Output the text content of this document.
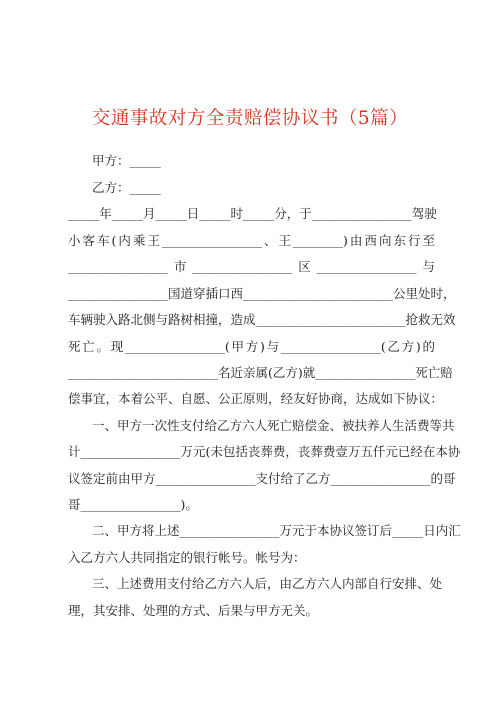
交通事故对方全责赔偿协议书（5篇）
甲方：_____
乙方：_____
_____年_____月_____日_____时_____分，于________________驾驶
小客车(内乘王________________、王________)由西向东行至
________________市________________区________________与
________________国道穿插口西________________________公里处时，
车辆驶入路北侧与路树相撞，造成________________________抢救无效
死亡。现________________(甲方)与________________(乙方)的
________________________名近亲属(乙方)就________________死亡赔
偿事宜，本着公平、自愿、公正原则，经友好协商，达成如下协议：
一、甲方一次性支付给乙方六人死亡赔偿金、被扶养人生活费等共
计________________万元(未包括丧葬费，丧葬费壹万五仟元已经在本协
议签定前由甲方________________支付给了乙方________________的哥
哥________________)。
二、甲方将上述________________万元于本协议签订后_____日内汇
入乙方六人共同指定的银行帐号。帐号为：
三、上述费用支付给乙方六人后，由乙方六人内部自行安排、处
理，其安排、处理的方式、后果与甲方无关。
